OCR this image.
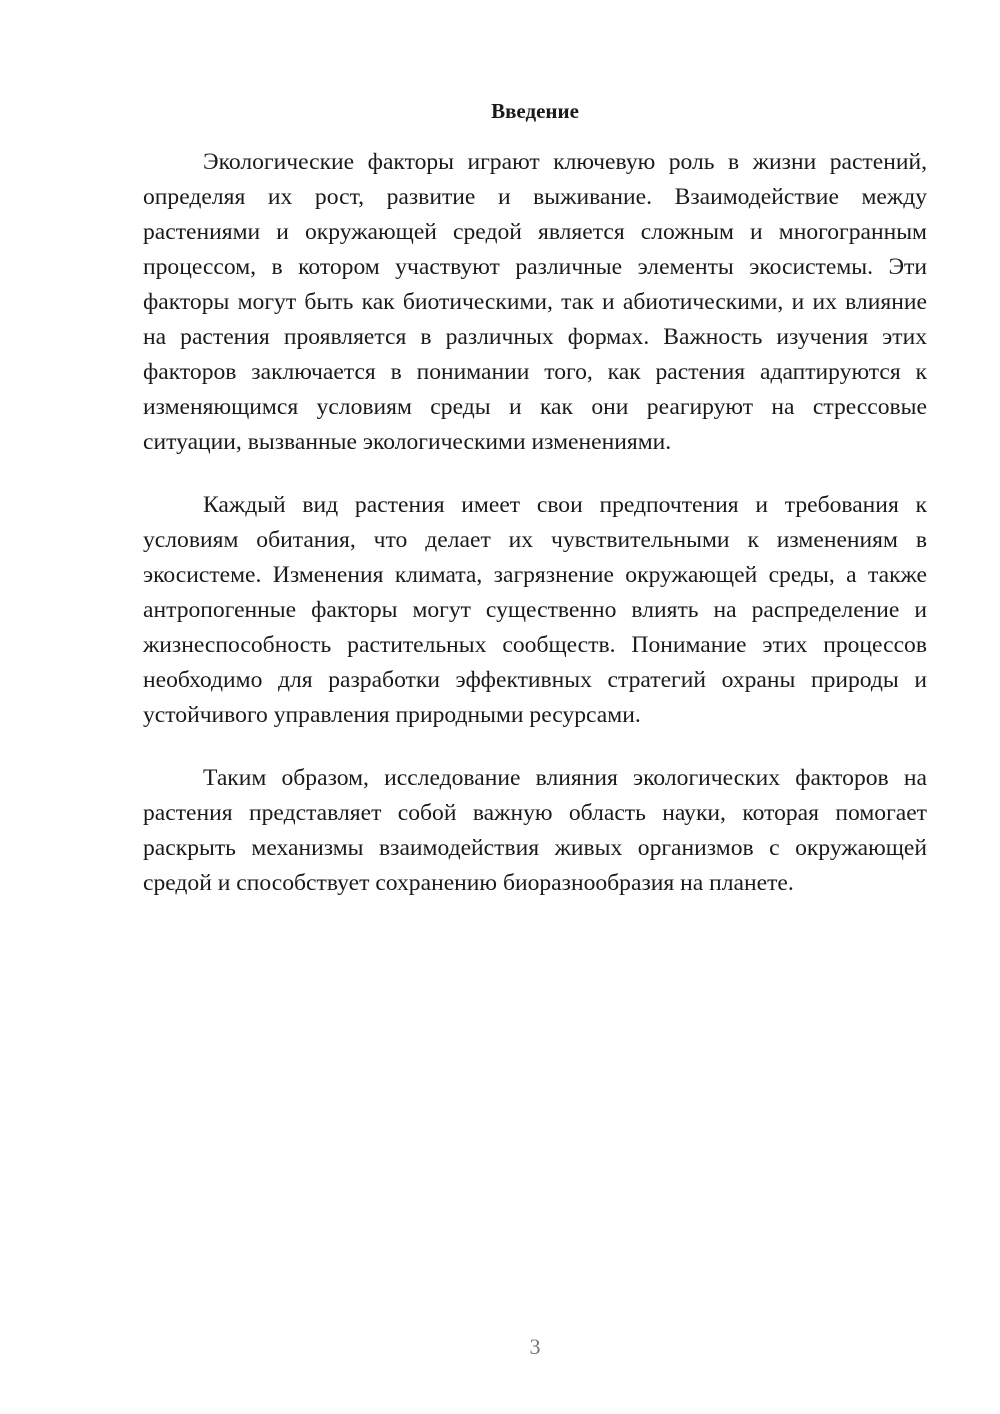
Введение

Экологические факторы играют ключевую роль в жизни растений, определяя их рост, развитие и выживание. Взаимодействие между растениями и окружающей средой является сложным и многогранным процессом, в котором участвуют различные элементы экосистемы. Эти факторы могут быть как биотическими, так и абиотическими, и их влияние на растения проявляется в различных формах. Важность изучения этих факторов заключается в понимании того, как растения адаптируются к изменяющимся условиям среды и как они реагируют на стрессовые ситуации, вызванные экологическими изменениями.

Каждый вид растения имеет свои предпочтения и требования к условиям обитания, что делает их чувствительными к изменениям в экосистеме. Изменения климата, загрязнение окружающей среды, а также антропогенные факторы могут существенно влиять на распределение и жизнеспособность растительных сообществ. Понимание этих процессов необходимо для разработки эффективных стратегий охраны природы и устойчивого управления природными ресурсами.

Таким образом, исследование влияния экологических факторов на растения представляет собой важную область науки, которая помогает раскрыть механизмы взаимодействия живых организмов с окружающей средой и способствует сохранению биоразнообразия на планете.

3
